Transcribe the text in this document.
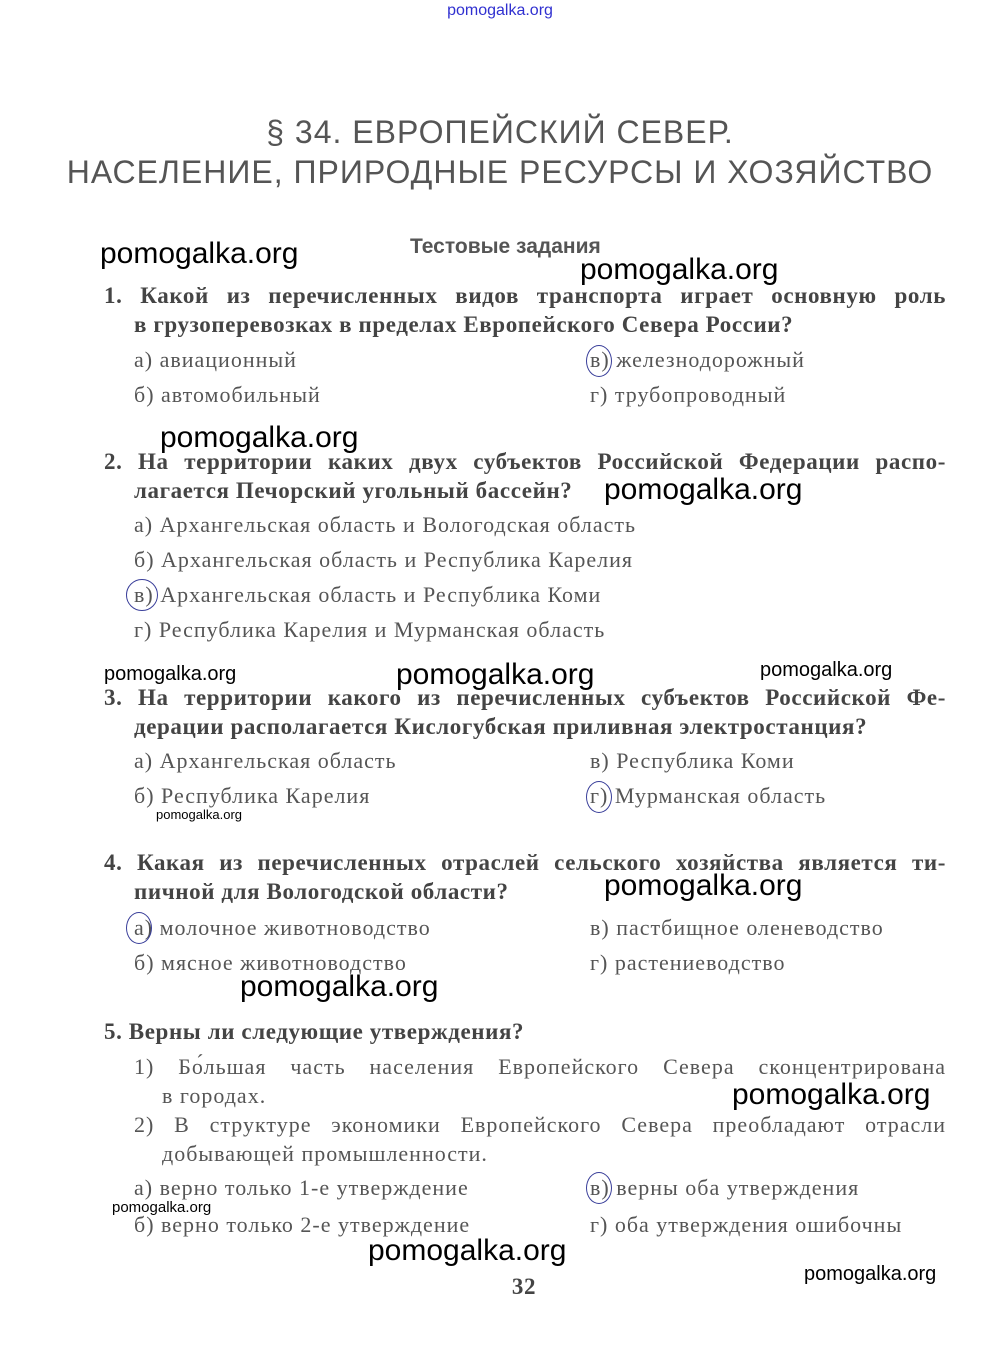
pomogalka.org
§ 34. ЕВРОПЕЙСКИЙ СЕВЕР.
НАСЕЛЕНИЕ, ПРИРОДНЫЕ РЕСУРСЫ И ХОЗЯЙСТВО
Тестовые задания
1. Какой из перечисленных видов транспорта играет основную роль
в грузоперевозках в пределах Европейского Севера России?
а) авиационный
б) автомобильный
в) железнодорожный
г) трубопроводный
2. На территории каких двух субъектов Российской Федерации распо-
лагается Печорский угольный бассейн?
а) Архангельская область и Вологодская область
б) Архангельская область и Республика Карелия
в) Архангельская область и Республика Коми
г) Республика Карелия и Мурманская область
3. На территории какого из перечисленных субъектов Российской Фе-
дерации располагается Кислогубская приливная электростанция?
а) Архангельская область
б) Республика Карелия
в) Республика Коми
г) Мурманская область
4. Какая из перечисленных отраслей сельского хозяйства является ти-
пичной для Вологодской области?
а) молочное животноводство
б) мясное животноводство
в) пастбищное оленеводство
г) растениеводство
5. Верны ли следующие утверждения?
1) Бо́льшая часть населения Европейского Севера сконцентрирована
в городах.
2) В структуре экономики Европейского Севера преобладают отрасли
добывающей промышленности.
а) верно только 1-е утверждение
б) верно только 2-е утверждение
в) верны оба утверждения
г) оба утверждения ошибочны
32
pomogalka.org	pomogalka.org
pomogalka.org
pomogalka.org
pomogalka.org	pomogalka.org	pomogalka.org
pomogalka.org
pomogalka.org
pomogalka.org
pomogalka.org
pomogalka.org
pomogalka.org
pomogalka.org
